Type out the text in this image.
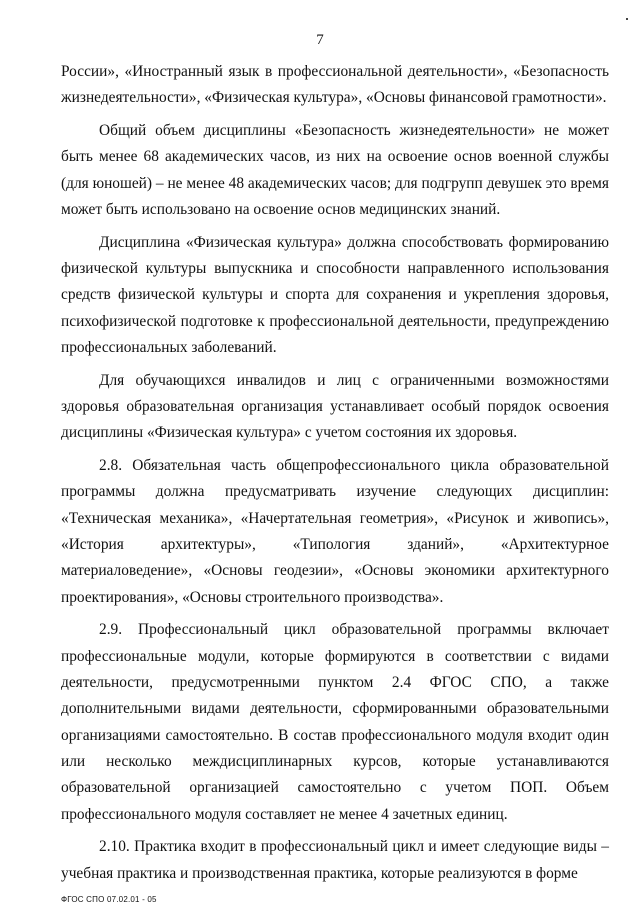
7

России», «Иностранный язык в профессиональной деятельности», «Безопасность жизнедеятельности», «Физическая культура», «Основы финансовой грамотности».

Общий объем дисциплины «Безопасность жизнедеятельности» не может быть менее 68 академических часов, из них на освоение основ военной службы (для юношей) – не менее 48 академических часов; для подгрупп девушек это время может быть использовано на освоение основ медицинских знаний.

Дисциплина «Физическая культура» должна способствовать формированию физической культуры выпускника и способности направленного использования средств физической культуры и спорта для сохранения и укрепления здоровья, психофизической подготовке к профессиональной деятельности, предупреждению профессиональных заболеваний.

Для обучающихся инвалидов и лиц с ограниченными возможностями здоровья образовательная организация устанавливает особый порядок освоения дисциплины «Физическая культура» с учетом состояния их здоровья.

2.8. Обязательная часть общепрофессионального цикла образовательной программы должна предусматривать изучение следующих дисциплин: «Техническая механика», «Начертательная геометрия», «Рисунок и живопись», «История архитектуры», «Типология зданий», «Архитектурное материаловедение», «Основы геодезии», «Основы экономики архитектурного проектирования», «Основы строительного производства».

2.9. Профессиональный цикл образовательной программы включает профессиональные модули, которые формируются в соответствии с видами деятельности, предусмотренными пунктом 2.4 ФГОС СПО, а также дополнительными видами деятельности, сформированными образовательными организациями самостоятельно. В состав профессионального модуля входит один или несколько междисциплинарных курсов, которые устанавливаются образовательной организацией самостоятельно с учетом ПОП. Объем профессионального модуля составляет не менее 4 зачетных единиц.

2.10. Практика входит в профессиональный цикл и имеет следующие виды – учебная практика и производственная практика, которые реализуются в форме

ФГОС СПО 07.02.01 - 05
